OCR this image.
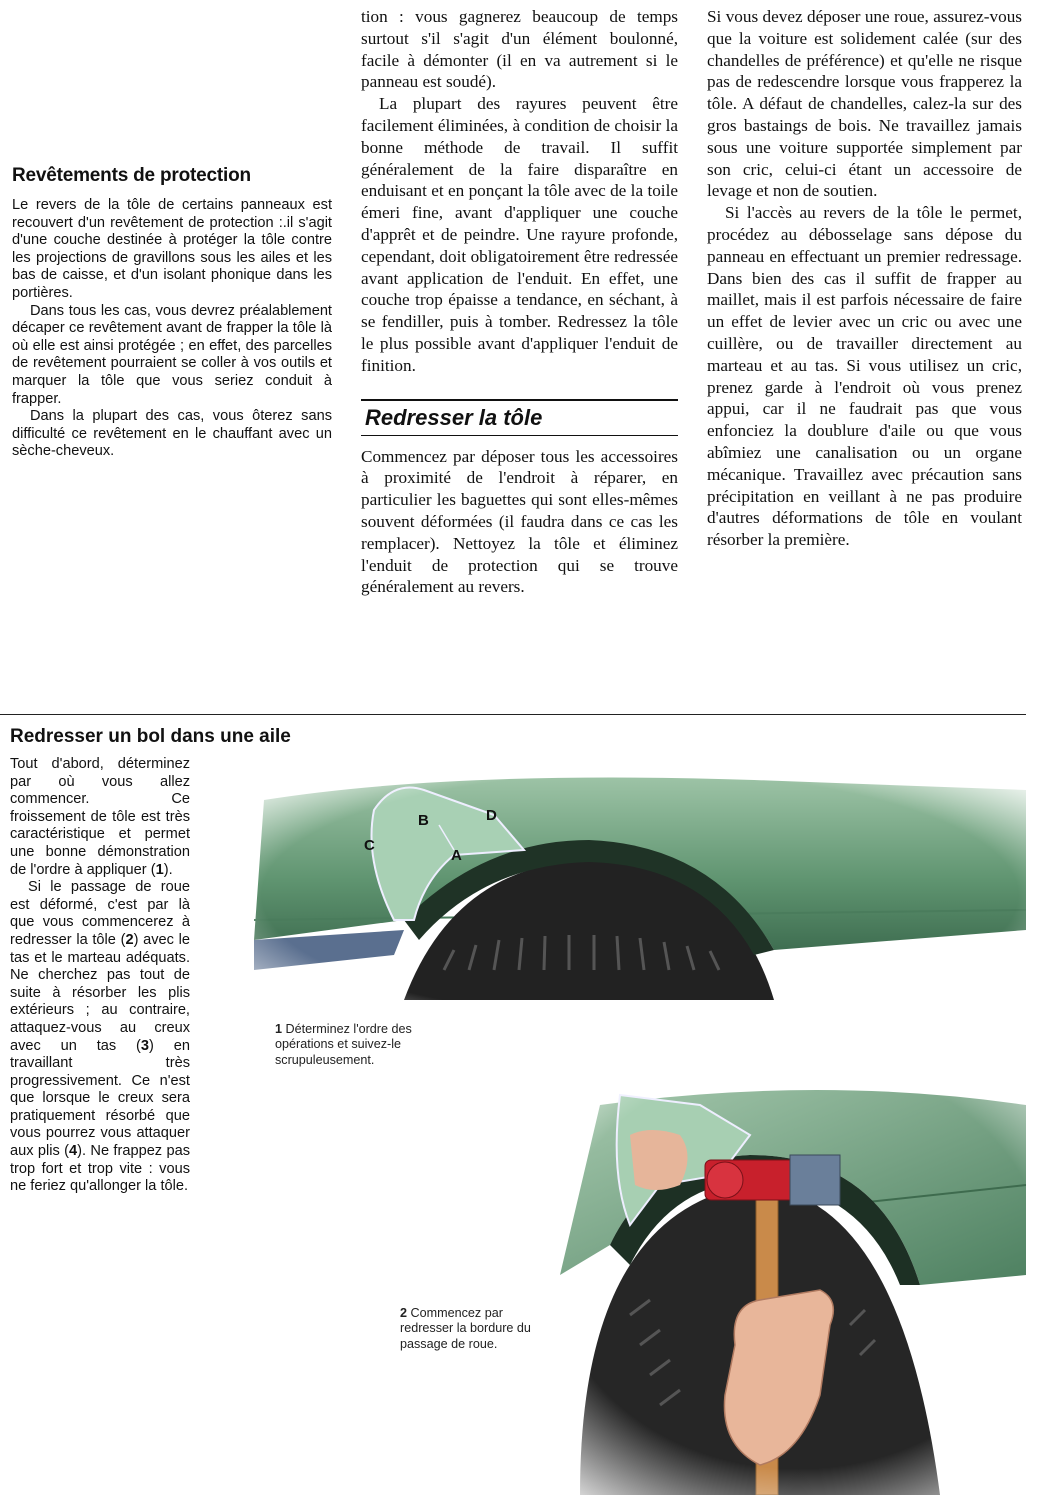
Revêtements de protection

Le revers de la tôle de certains panneaux est recouvert d'un revêtement de protection :.il s'agit d'une couche destinée à protéger la tôle contre les projections de gravillons sous les ailes et les bas de caisse, et d'un isolant phonique dans les portières.

Dans tous les cas, vous devrez préalablement décaper ce revêtement avant de frapper la tôle là où elle est ainsi protégée ; en effet, des parcelles de revêtement pourraient se coller à vos outils et marquer la tôle que vous seriez conduit à frapper.

Dans la plupart des cas, vous ôterez sans difficulté ce revêtement en le chauffant avec un sèche-cheveux.

tion : vous gagnerez beaucoup de temps surtout s'il s'agit d'un élément boulonné, facile à démonter (il en va autrement si le panneau est soudé).

La plupart des rayures peuvent être facilement éliminées, à condition de choisir la bonne méthode de travail. Il suffit généralement de la faire disparaître en enduisant et en ponçant la tôle avec de la toile émeri fine, avant d'appliquer une couche d'apprêt et de peindre. Une rayure profonde, cependant, doit obligatoirement être redressée avant application de l'enduit. En effet, une couche trop épaisse a tendance, en séchant, à se fendiller, puis à tomber. Redressez la tôle le plus possible avant d'appliquer l'enduit de finition.

Redresser la tôle

Commencez par déposer tous les accessoires à proximité de l'endroit à réparer, en particulier les baguettes qui sont elles-mêmes souvent déformées (il faudra dans ce cas les remplacer). Nettoyez la tôle et éliminez l'enduit de protection qui se trouve généralement au revers.

Si vous devez déposer une roue, assurez-vous que la voiture est solidement calée (sur des chandelles de préférence) et qu'elle ne risque pas de redescendre lorsque vous frapperez la tôle. A défaut de chandelles, calez-la sur des gros bastaings de bois. Ne travaillez jamais sous une voiture supportée simplement par son cric, celui-ci étant un accessoire de levage et non de soutien.

Si l'accès au revers de la tôle le permet, procédez au débosselage sans dépose du panneau en effectuant un premier redressage. Dans bien des cas il suffit de frapper au maillet, mais il est parfois nécessaire de faire un effet de levier avec un cric ou avec une cuillère, ou de travailler directement au marteau et au tas. Si vous utilisez un cric, prenez garde à l'endroit où vous prenez appui, car il ne faudrait pas que vous enfonciez la doublure d'aile ou que vous abîmiez une canalisation ou un organe mécanique. Travaillez avec précaution sans précipitation en veillant à ne pas produire d'autres déformations de tôle en voulant résorber la première.

Redresser un bol dans une aile

Tout d'abord, déterminez par où vous allez commencer. Ce froissement de tôle est très caractéristique et permet une bonne démonstration de l'ordre à appliquer (1).

Si le passage de roue est déformé, c'est par là que vous commencerez à redresser la tôle (2) avec le tas et le marteau adéquats. Ne cherchez pas tout de suite à résorber les plis extérieurs ; au contraire, attaquez-vous au creux avec un tas (3) en travaillant très progressivement. Ce n'est que lorsque le creux sera pratiquement résorbé que vous pourrez vous attaquer aux plis (4). Ne frappez pas trop fort et trop vite : vous ne feriez qu'allonger la tôle.

C
B	D
A

1 Déterminez l'ordre des opérations et suivez-le scrupuleusement.

2 Commencez par redresser la bordure du passage de roue.
